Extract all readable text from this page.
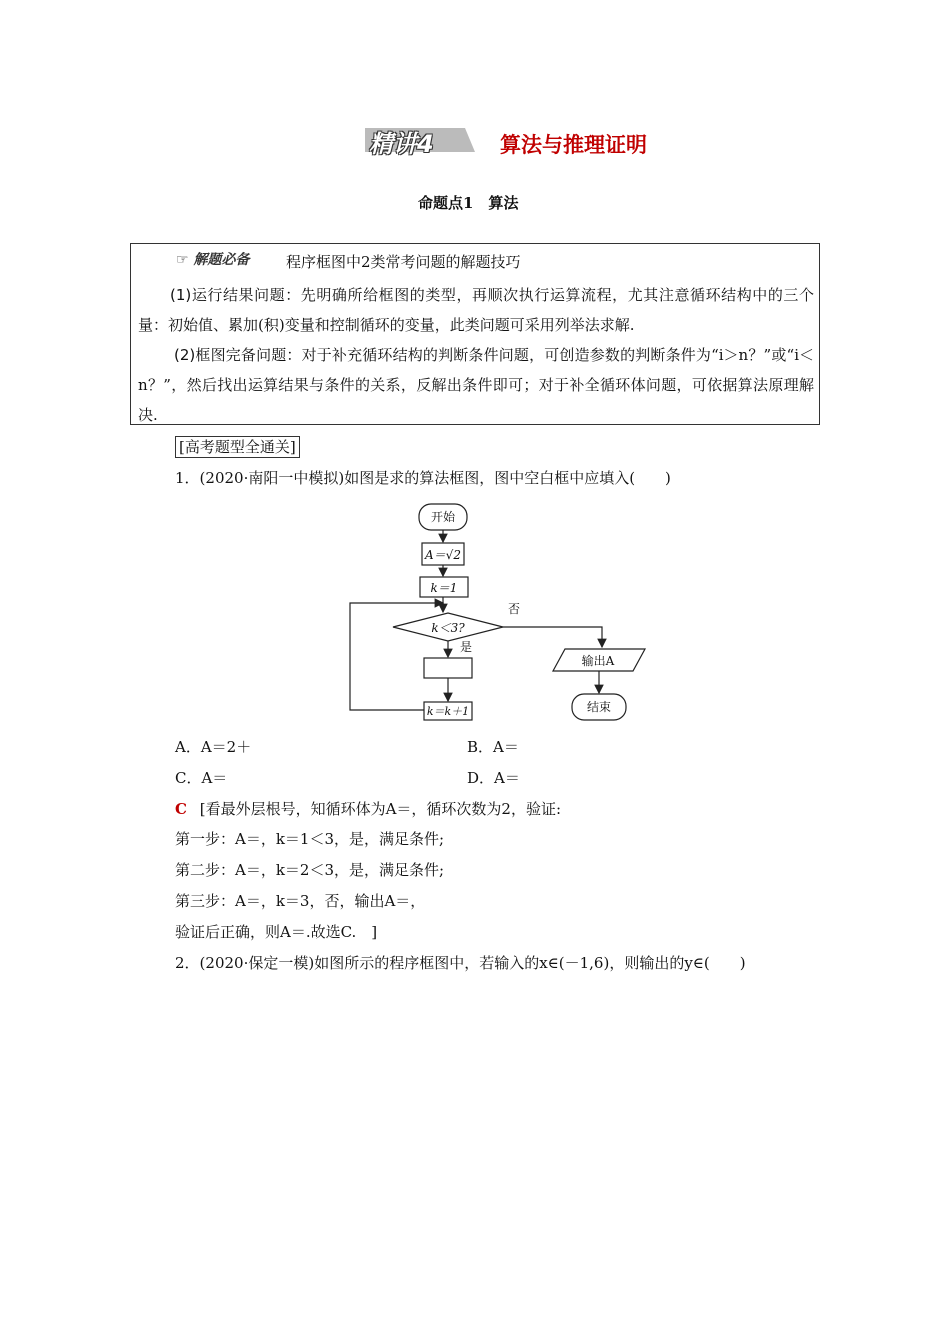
精讲4	算法与推理证明
命题点1　算法
☞ 解题必备 程序框图中2类常考问题的解题技巧
(1)运行结果问题：先明确所给框图的类型，再顺次执行运算流程，尤其注意循环结构中的三个量：初始值、累加(积)变量和控制循环的变量，此类问题可采用列举法求解.
(2)框图完备问题：对于补充循环结构的判断条件问题，可创造参数的判断条件为“i＞n？”或“i＜n？”，然后找出运算结果与条件的关系，反解出条件即可；对于补全循环体问题，可依据算法原理解决.
[高考题型全通关]
1．(2020·南阳一中模拟)如图是求的算法框图，图中空白框中应填入(　　)
开始
A＝√2
k＝1
k＜3?
是
否
输出A
k＝k＋1	结束
A．A＝2＋	B．A＝
C．A＝	D．A＝
C [看最外层根号，知循环体为A＝，循环次数为2，验证:
第一步：A＝，k＝1＜3，是，满足条件;
第二步：A＝，k＝2＜3，是，满足条件;
第三步：A＝，k＝3，否，输出A＝，
验证后正确，则A＝.故选C.　]
2．(2020·保定一模)如图所示的程序框图中，若输入的x∈(－1,6)，则输出的y∈(　　)
